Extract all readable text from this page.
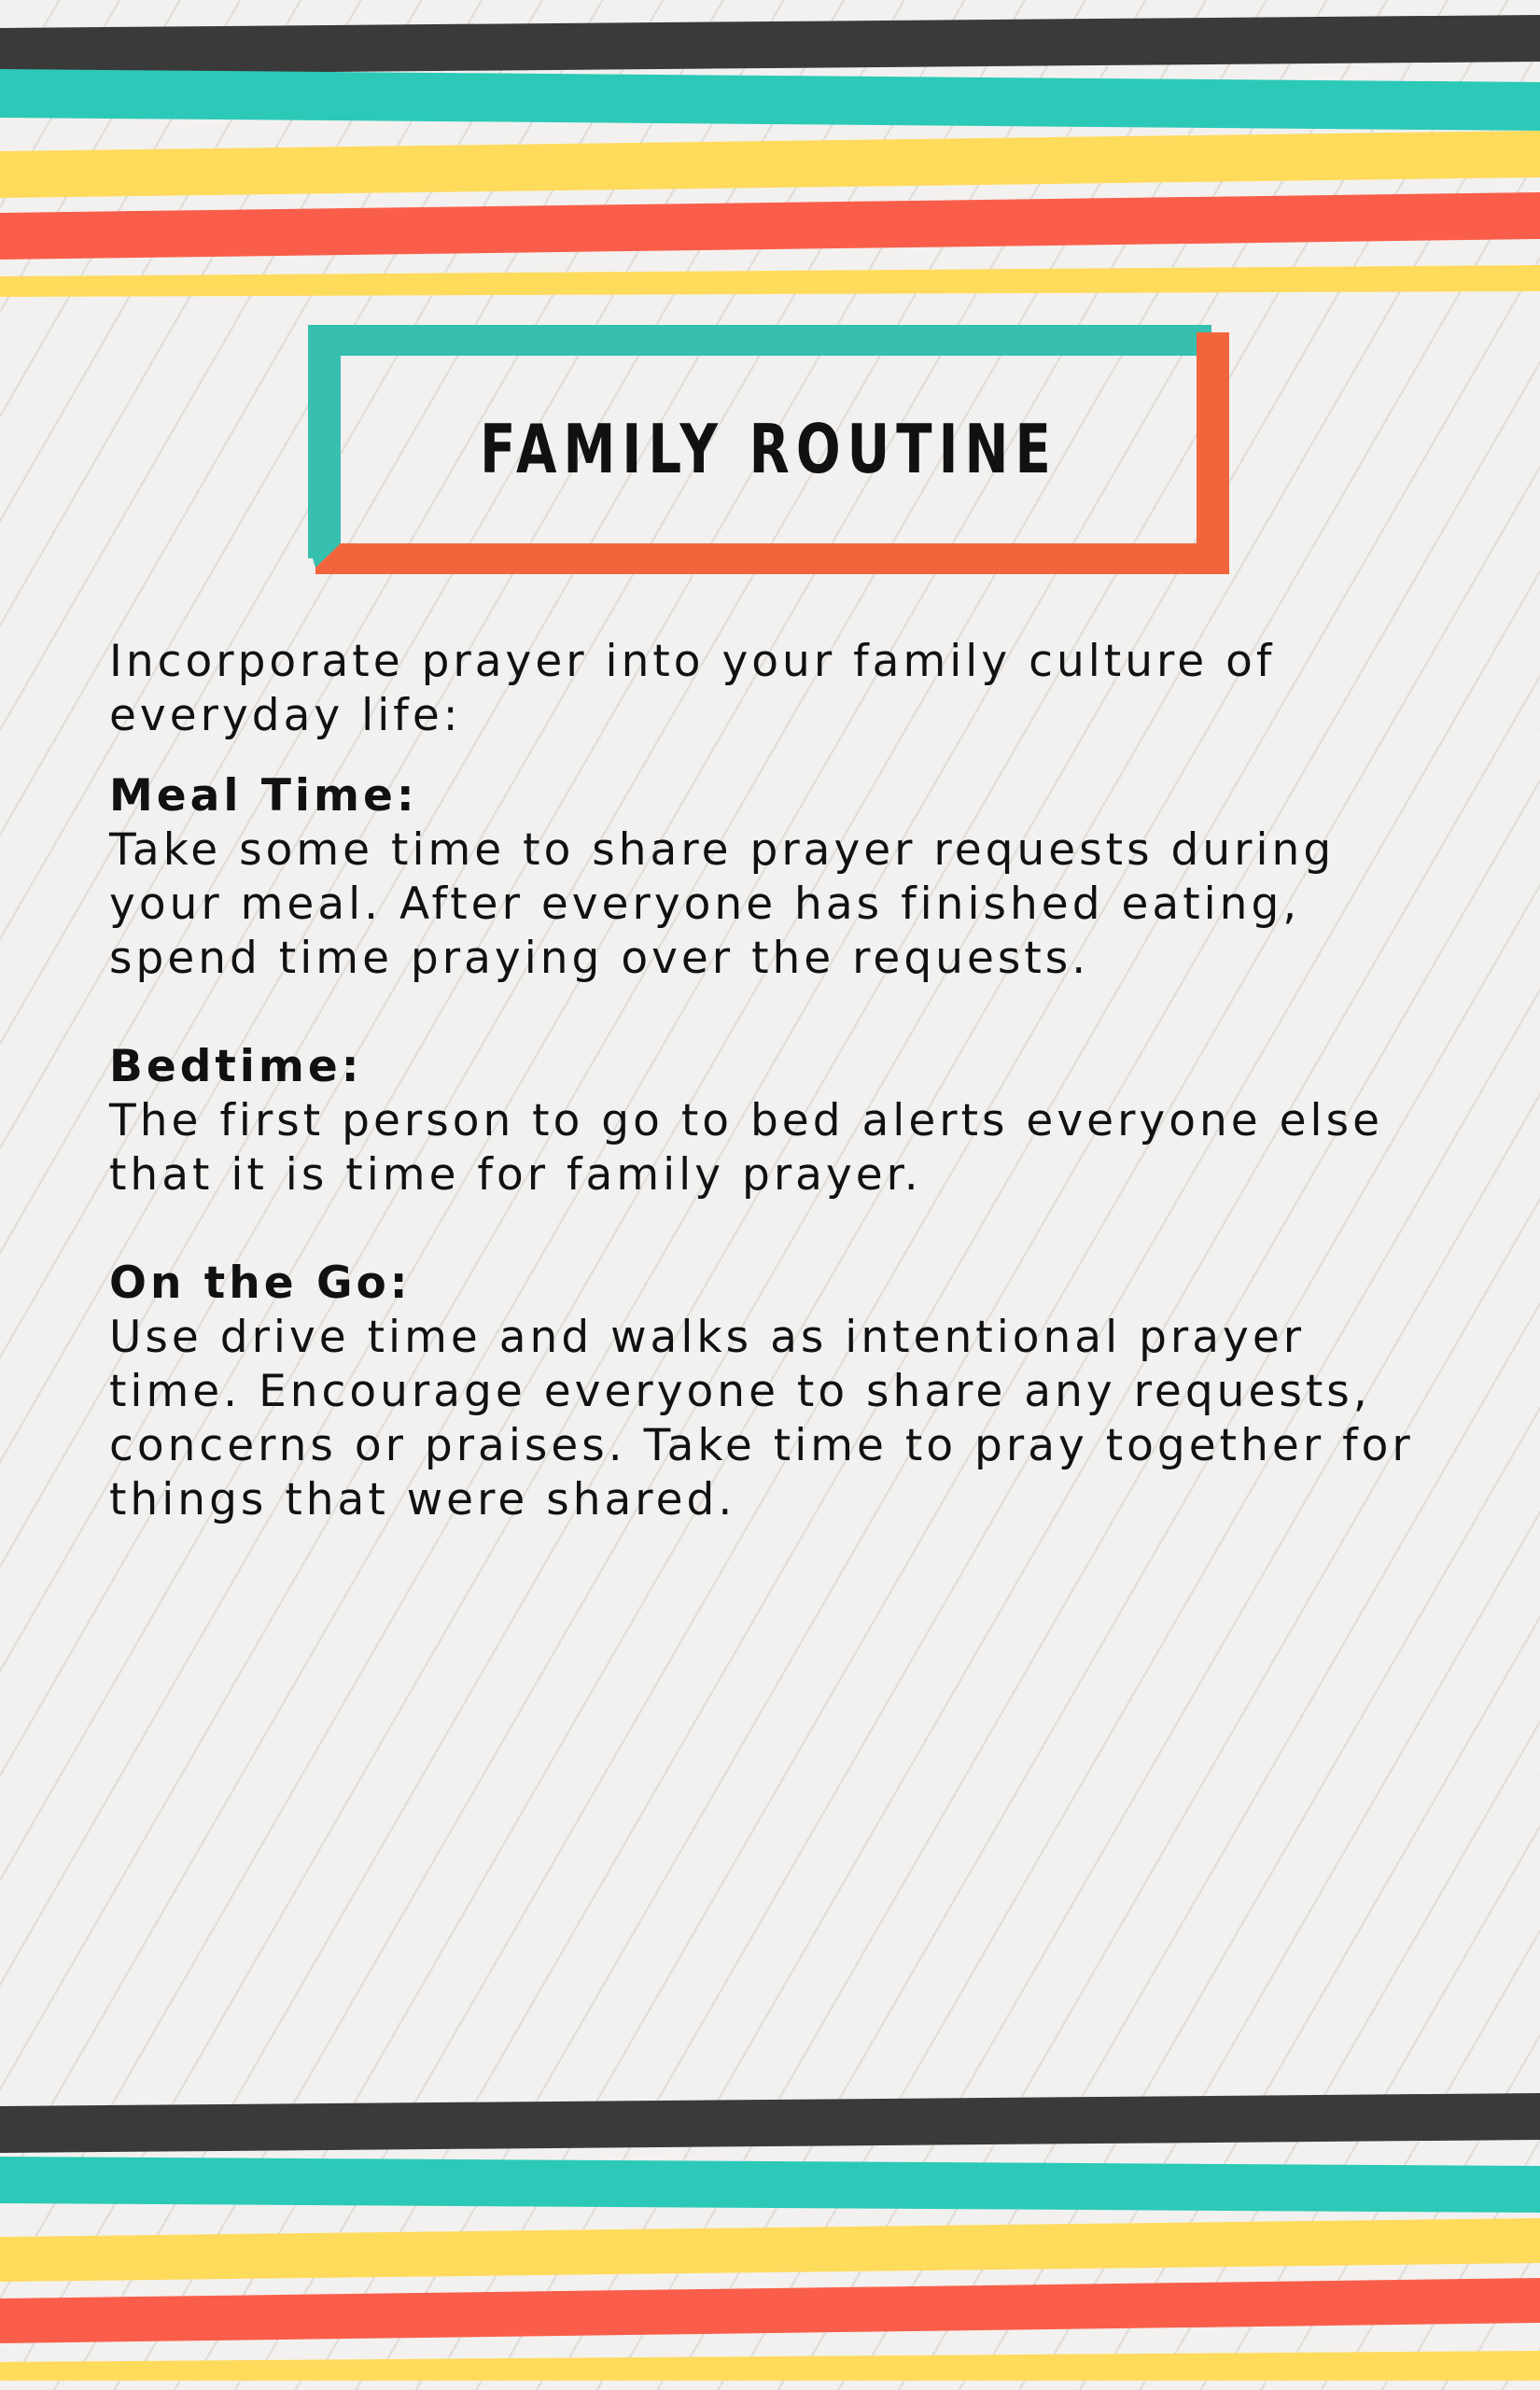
FAMILY ROUTINE

Incorporate prayer into your family culture of everyday life:

Meal Time:

Take some time to share prayer requests during your meal. After everyone has finished eating, spend time praying over the requests.

Bedtime:

The first person to go to bed alerts everyone else that it is time for family prayer.

On the Go:

Use drive time and walks as intentional prayer time. Encourage everyone to share any requests, concerns or praises. Take time to pray together for things that were shared.
